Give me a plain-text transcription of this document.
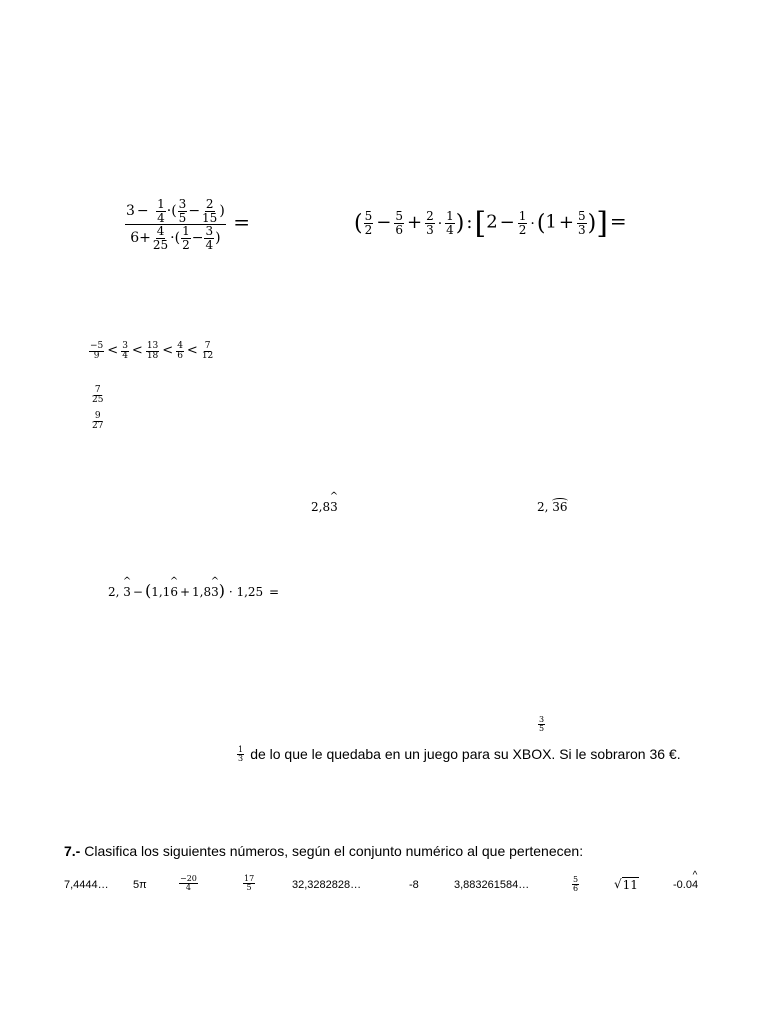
$\frac{3 - \frac{1}{4} \cdot( \frac{3}{5} - \frac{2}{15} )}{6+ \frac{4}{25} \cdot( \frac{1}{2} - \frac{3}{4} )}$ =	( $\frac{5}{2} - \frac{5}{6} + \frac{2}{3} \cdot \frac{1}{4}$ ) :[2 − $\frac{1}{2} \cdot(1 + \frac{5}{3}$ )] =
$\frac{-5}{9} < \frac{3}{4} < \frac{13}{18} < \frac{4}{6} < \frac{7}{12}$
$\frac{7}{25}$
$\frac{9}{27}$
2,8^ 3	2, 36
2, ^ 3 − (1,1^ 6 + 1,8^ 3) · 1,25 =
$\frac{3}{5}$
$\frac{1}{3}$ de lo que le quedaba en un juego para su XBOX. Si le sobraron 36 €.
7.- Clasifica los siguientes números, según el conjunto numérico al que pertenecen:
7,4444… 5π	$\frac{-20}{4}$	$\frac{17}{5}$	32,3282828…	-8	3,883261584…	$\frac{5}{6}$	√ 11	-0.0^ 4
